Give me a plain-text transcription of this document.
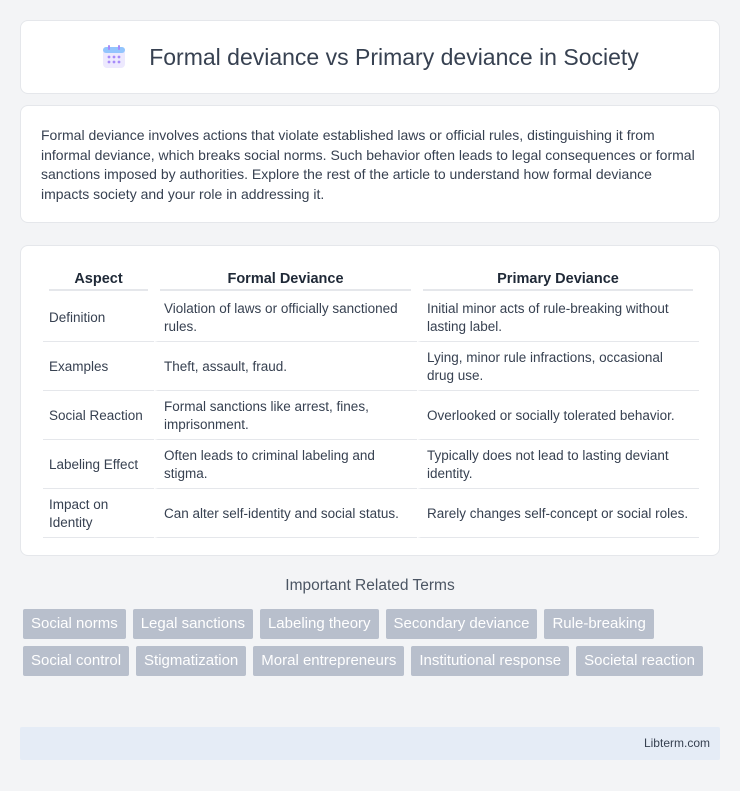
Formal deviance vs Primary deviance in Society

Formal deviance involves actions that violate established laws or official rules, distinguishing it from informal deviance, which breaks social norms. Such behavior often leads to legal consequences or formal sanctions imposed by authorities. Explore the rest of the article to understand how formal deviance impacts society and your role in addressing it.

Aspect	Formal Deviance	Primary Deviance

Definition	Violation of laws or officially sanctioned rules.	Initial minor acts of rule-breaking without lasting label.
Examples	Theft, assault, fraud.	Lying, minor rule infractions, occasional drug use.
Social Reaction	Formal sanctions like arrest, fines, imprisonment.	Overlooked or socially tolerated behavior.
Labeling Effect	Often leads to criminal labeling and stigma.	Typically does not lead to lasting deviant identity.
Impact on Identity	Can alter self-identity and social status.	Rarely changes self-concept or social roles.
Important Related Terms
Social norms	Legal sanctions	Labeling theory	Secondary deviance	Rule-breaking
Social control	Stigmatization	Moral entrepreneurs	Institutional response	Societal reaction
Libterm.com
